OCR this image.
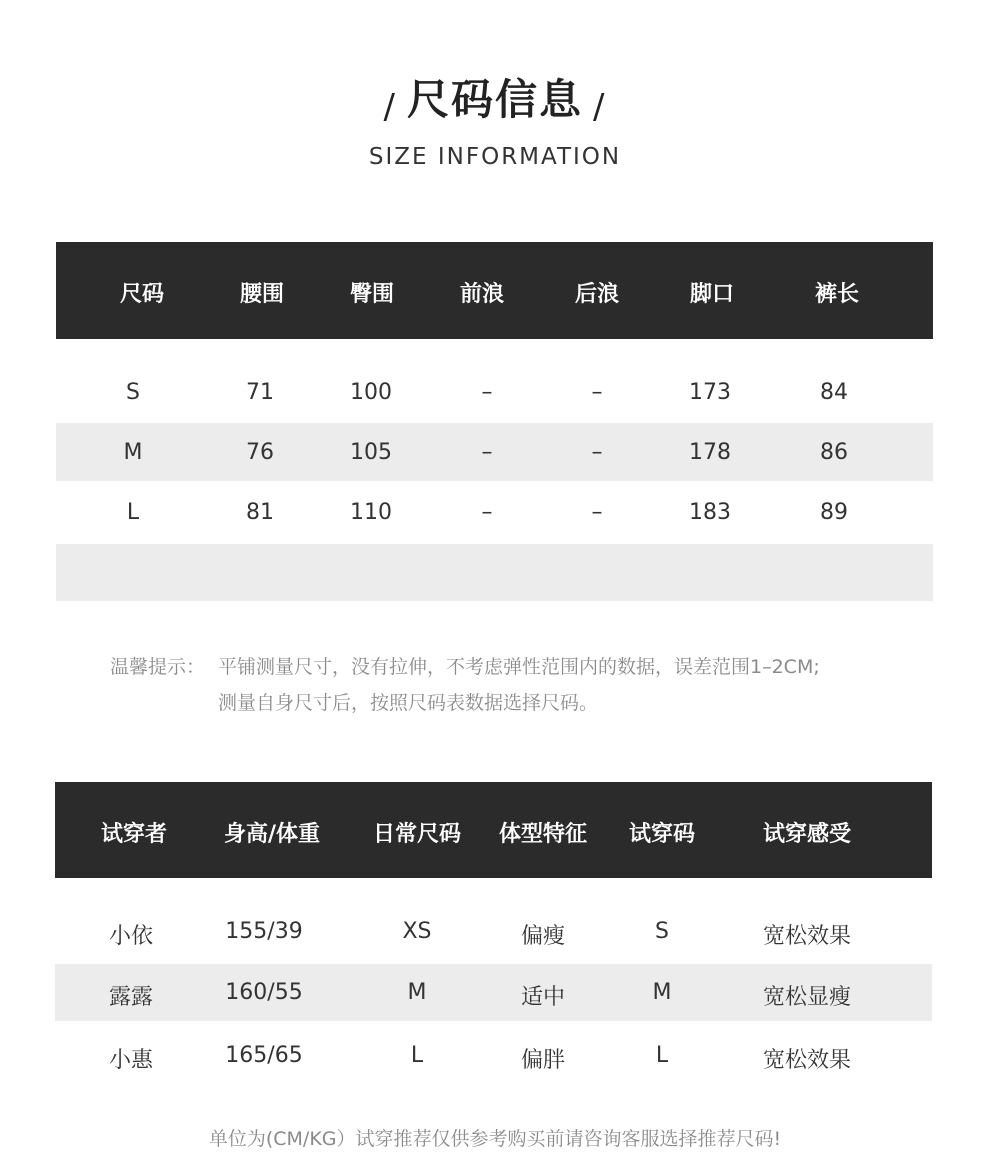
/ 尺码信息 /
SIZE INFORMATION
尺码	腰围	臀围	前浪	后浪	脚口	裤长
S	71	100	–	–	173	84
M	76	105	–	–	178	86
L	81	110	–	–	183	89
温馨提示： 平铺测量尺寸，没有拉伸，不考虑弹性范围内的数据，误差范围1–2CM;
测量自身尺寸后，按照尺码表数据选择尺码。
试穿者	身高/体重 日常尺码 体型特征 试穿码	试穿感受
小依	155/39	XS	偏瘦	S	宽松效果
露露	160/55	M	适中	M	宽松显瘦
小惠	165/65	L	偏胖	L	宽松效果
单位为(CM/KG）试穿推荐仅供参考购买前请咨询客服选择推荐尺码!
